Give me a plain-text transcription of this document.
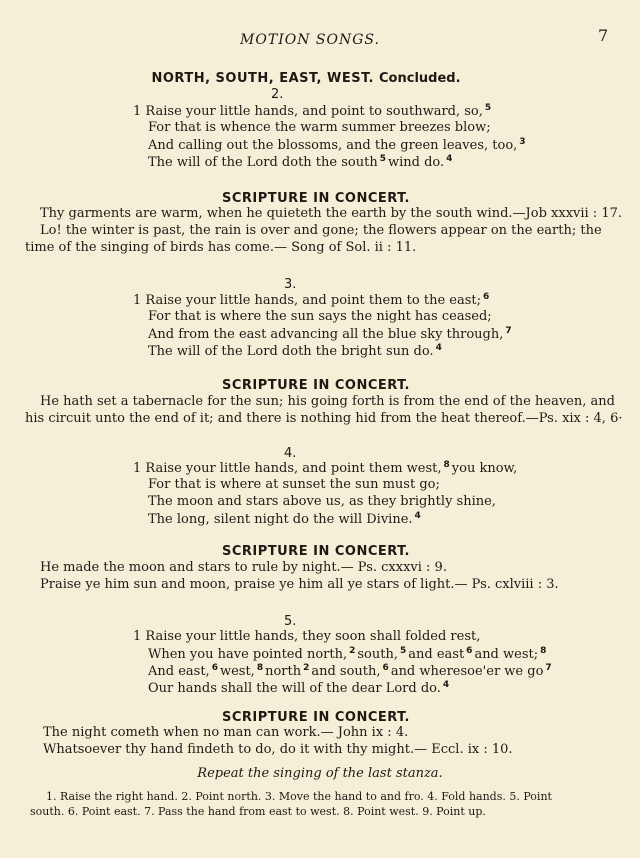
MOTION SONGS.	7
NORTH, SOUTH, EAST, WEST. Concluded.
2.
1 Raise your little hands, and point to southward, so, $^5$
For that is whence the warm summer breezes blow;
And calling out the blossoms, and the green leaves, too, $^3$
The will of the Lord doth the south $^5$ wind do. $^4$
SCRIPTURE IN CONCERT.
Thy garments are warm, when he quieteth the earth by the south wind.—Job xxxvii : 17.
Lo! the winter is past, the rain is over and gone; the flowers appear on the earth; the
time of the singing of birds has come.— Song of Sol. ii : 11.
3.
1 Raise your little hands, and point them to the east; $^6$
For that is where the sun says the night has ceased;
And from the east advancing all the blue sky through, $^7$
The will of the Lord doth the bright sun do. $^4$
SCRIPTURE IN CONCERT.
He hath set a tabernacle for the sun; his going forth is from the end of the heaven, and
his circuit unto the end of it; and there is nothing hid from the heat thereof.—Ps. xix : 4, 6·
4.
1 Raise your little hands, and point them west, $^8$ you know,
For that is where at sunset the sun must go;
The moon and stars above us, as they brightly shine,
The long, silent night do the will Divine. $^4$
SCRIPTURE IN CONCERT.
He made the moon and stars to rule by night.— Ps. cxxxvi : 9.
Praise ye him sun and moon, praise ye him all ye stars of light.— Ps. cxlviii : 3.
5.
1 Raise your little hands, they soon shall folded rest,
When you have pointed north, $^2$ south, $^5$ and east $^6$ and west; $^8$
And east, $^6$ west, $^8$ north $^2$ and south, $^6$ and wheresoe'er we go $^7$
Our hands shall the will of the dear Lord do. $^4$
SCRIPTURE IN CONCERT.
The night cometh when no man can work.— John ix : 4.
Whatsoever thy hand findeth to do, do it with thy might.— Eccl. ix : 10.
Repeat the singing of the last stanza.
1. Raise the right hand. 2. Point north. 3. Move the hand to and fro. 4. Fold hands. 5. Point
south. 6. Point east. 7. Pass the hand from east to west. 8. Point west. 9. Point up.
